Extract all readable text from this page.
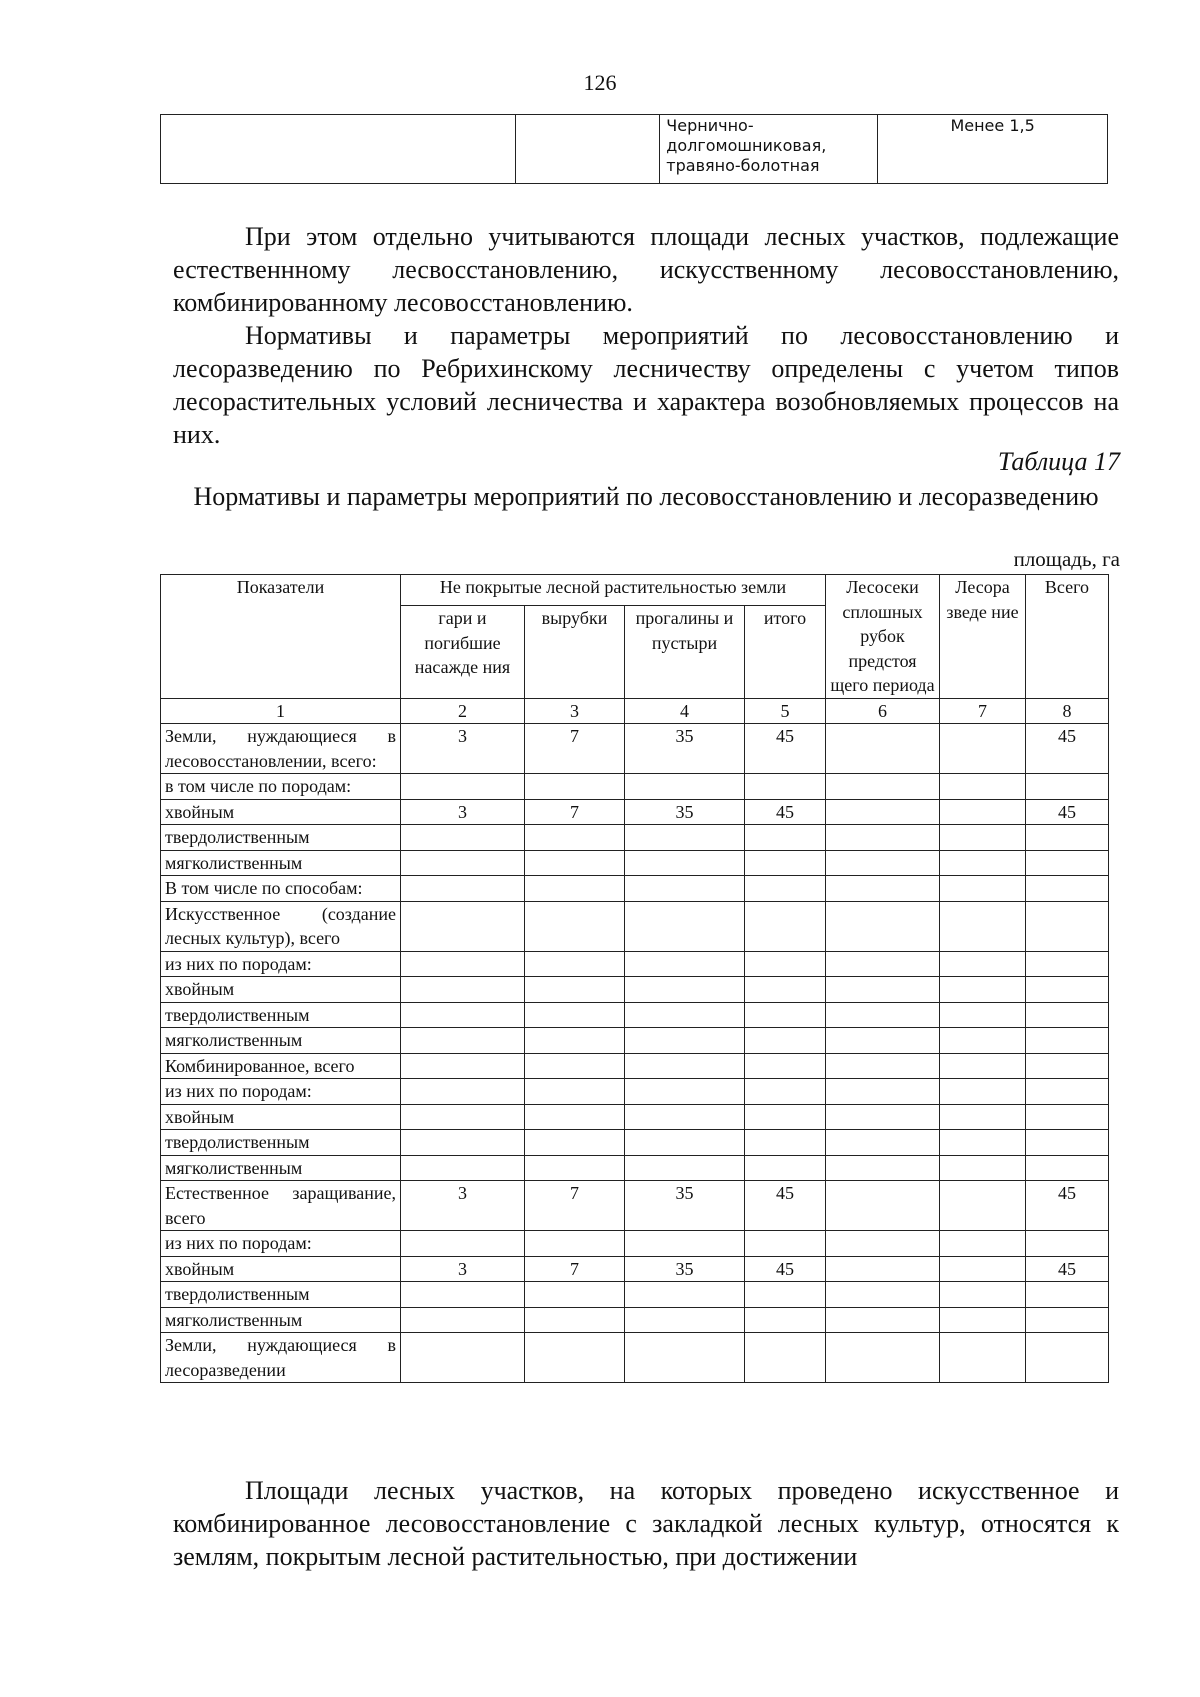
126
		Чернично-долгомошниковая, травяно-болотная	Менее 1,5

При этом отдельно учитываются площади лесных участков, подлежащие естественнному лесвосстановлению, искусственному лесовосстановлению, комбинированному лесовосстановлению.

Нормативы и параметры мероприятий по лесовосстановлению и лесоразведению по Ребрихинскому лесничеству определены с учетом типов лесорастительных условий лесничества и характера возобновляемых процессов на них.

Таблица 17
Нормативы и параметры мероприятий по лесовосстановлению и лесоразведению
площадь, га
Показатели	Не покрытые лесной растительностью земли				Лесосеки сплошных рубок предстоя щего периода	Лесора зведе ние	Всего
	гари и погибшие насажде ния	вырубки	прогалины и пустыри	итого			
1	2	3	4	5	6	7	8
Земли, нуждающиеся в лесовосстановлении, всего:	3	7	35	45			45
в том числе по породам:							
хвойным	3	7	35	45			45
твердолиственным							
мягколиственным							
В том числе по способам:							
Искусственное (создание лесных культур), всего							
из них по породам:							
хвойным							
твердолиственным							
мягколиственным							
Комбинированное, всего							
из них по породам:							
хвойным							
твердолиственным							
мягколиственным							
Естественное заращивание, всего	3	7	35	45			45
из них по породам:							
хвойным	3	7	35	45			45
твердолиственным							
мягколиственным							
Земли, нуждающиеся в лесоразведении							

Площади лесных участков, на которых проведено искусственное и комбинированное лесовосстановление с закладкой лесных культур, относятся к землям, покрытым лесной растительностью, при достижении
